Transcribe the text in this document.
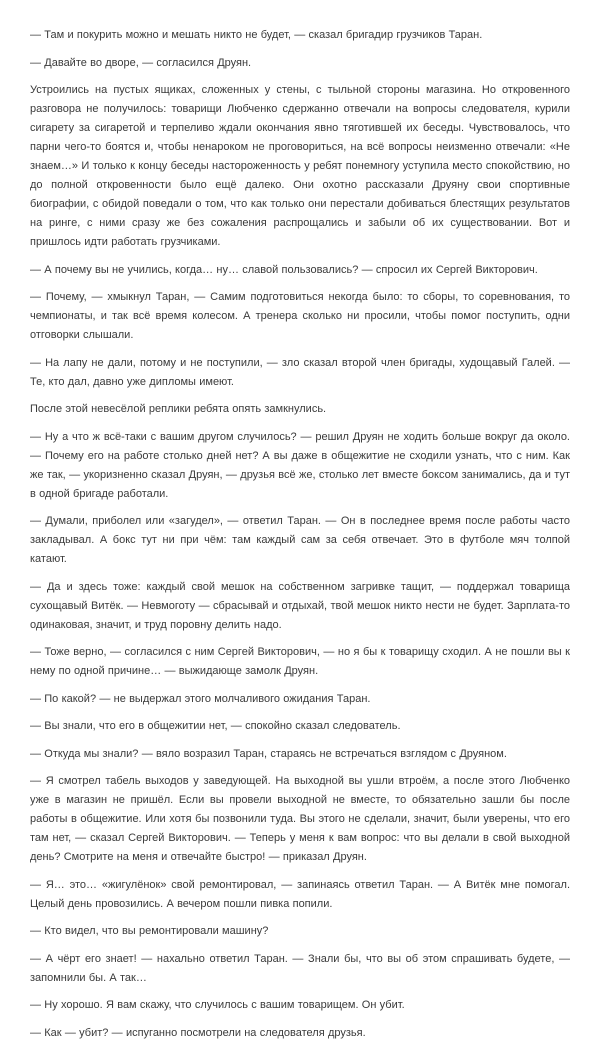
— Там и покурить можно и мешать никто не будет, — сказал бригадир грузчиков Таран.

— Давайте во дворе, — согласился Друян.

Устроились на пустых ящиках, сложенных у стены, с тыльной стороны магазина. Но откровенного разговора не получилось: товарищи Любченко сдержанно отвечали на вопросы следователя, курили сигарету за сигаретой и терпеливо ждали окончания явно тяготившей их беседы. Чувствовалось, что парни чего-то боятся и, чтобы ненароком не проговориться, на всё вопросы неизменно отвечали: «Не знаем…» И только к концу беседы настороженность у ребят понемногу уступила место спокойствию, но до полной откровенности было ещё далеко. Они охотно рассказали Друяну свои спортивные биографии, с обидой поведали о том, что как только они перестали добиваться блестящих результатов на ринге, с ними сразу же без сожаления распрощались и забыли об их существовании. Вот и пришлось идти работать грузчиками.

— А почему вы не учились, когда… ну… славой пользовались? — спросил их Сергей Викторович.

— Почему, — хмыкнул Таран, — Самим подготовиться некогда было: то сборы, то соревнования, то чемпионаты, и так всё время колесом. А тренера сколько ни просили, чтобы помог поступить, одни отговорки слышали.

— На лапу не дали, потому и не поступили, — зло сказал второй член бригады, худощавый Галей. — Те, кто дал, давно уже дипломы имеют.

После этой невесёлой реплики ребята опять замкнулись.

— Ну а что ж всё-таки с вашим другом случилось? — решил Друян не ходить больше вокруг да около. — Почему его на работе столько дней нет? А вы даже в общежитие не сходили узнать, что с ним. Как же так, — укоризненно сказал Друян, — друзья всё же, столько лет вместе боксом занимались, да и тут в одной бригаде работали.

— Думали, приболел или «загудел», — ответил Таран. — Он в последнее время после работы часто закладывал. А бокс тут ни при чём: там каждый сам за себя отвечает. Это в футболе мяч толпой катают.

— Да и здесь тоже: каждый свой мешок на собственном загривке тащит, — поддержал товарища сухощавый Витёк. — Невмоготу — сбрасывай и отдыхай, твой мешок никто нести не будет. Зарплата-то одинаковая, значит, и труд поровну делить надо.

— Тоже верно, — согласился с ним Сергей Викторович, — но я бы к товарищу сходил. А не пошли вы к нему по одной причине… — выжидающе замолк Друян.

— По какой? — не выдержал этого молчаливого ожидания Таран.

— Вы знали, что его в общежитии нет, — спокойно сказал следователь.

— Откуда мы знали? — вяло возразил Таран, стараясь не встречаться взглядом с Друяном.

— Я смотрел табель выходов у заведующей. На выходной вы ушли втроём, а после этого Любченко уже в магазин не пришёл. Если вы провели выходной не вместе, то обязательно зашли бы после работы в общежитие. Или хотя бы позвонили туда. Вы этого не сделали, значит, были уверены, что его там нет, — сказал Сергей Викторович. — Теперь у меня к вам вопрос: что вы делали в свой выходной день? Смотрите на меня и отвечайте быстро! — приказал Друян.

— Я… это… «жигулёнок» свой ремонтировал, — запинаясь ответил Таран. — А Витёк мне помогал. Целый день провозились. А вечером пошли пивка попили.

— Кто видел, что вы ремонтировали машину?

— А чёрт его знает! — нахально ответил Таран. — Знали бы, что вы об этом спрашивать будете, — запомнили бы. А так…

— Ну хорошо. Я вам скажу, что случилось с вашим товарищем. Он убит.

— Как — убит? — испуганно посмотрели на следователя друзья.
